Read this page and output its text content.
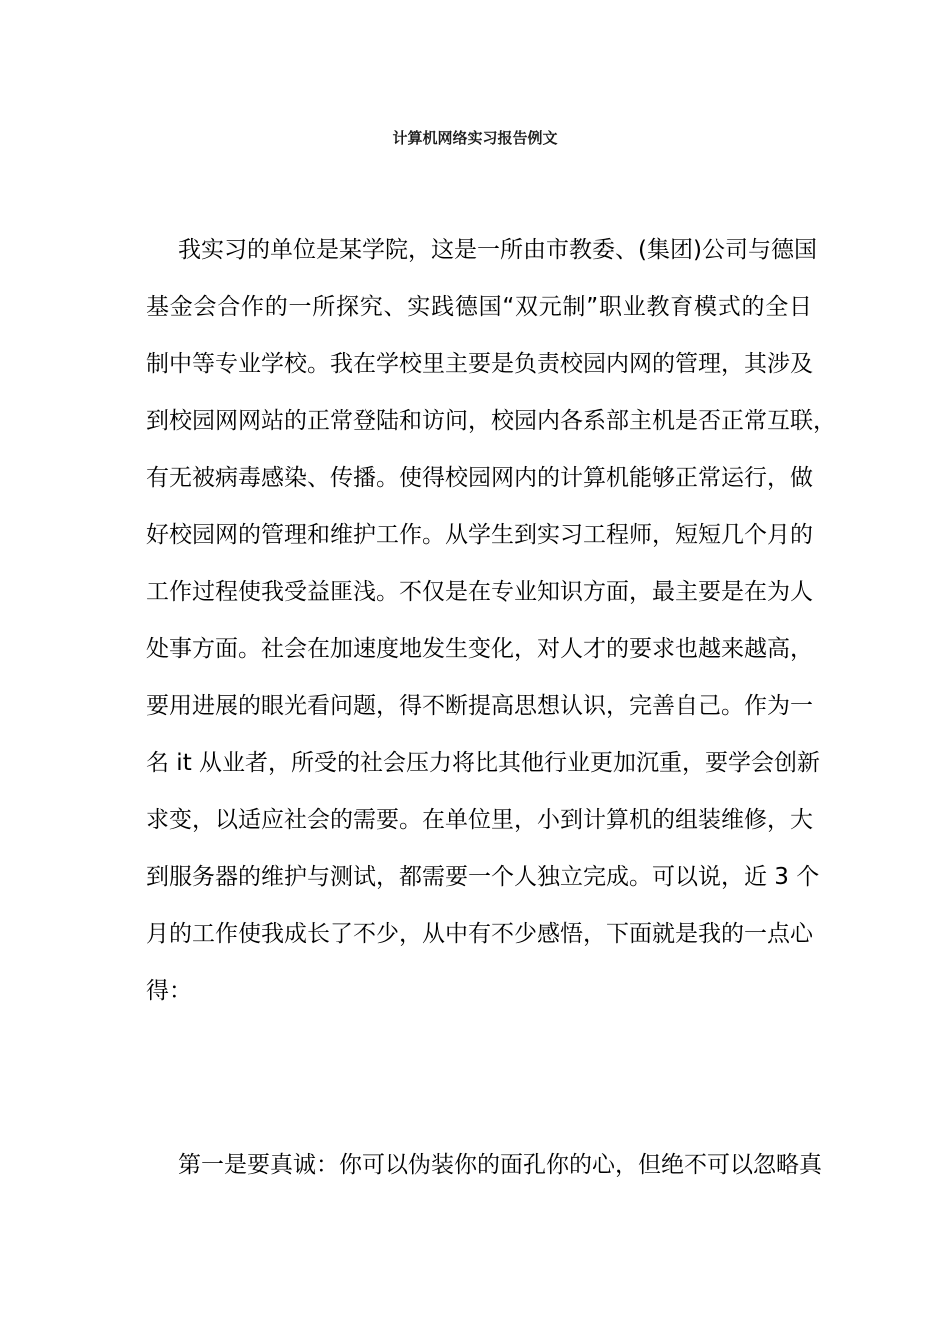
计算机网络实习报告例文
我实习的单位是某学院，这是一所由市教委、(集团)公司与德国
基金会合作的一所探究、实践德国“双元制”职业教育模式的全日
制中等专业学校。我在学校里主要是负责校园内网的管理，其涉及
到校园网网站的正常登陆和访问，校园内各系部主机是否正常互联，
有无被病毒感染、传播。使得校园网内的计算机能够正常运行，做
好校园网的管理和维护工作。从学生到实习工程师，短短几个月的
工作过程使我受益匪浅。不仅是在专业知识方面，最主要是在为人
处事方面。社会在加速度地发生变化，对人才的要求也越来越高，
要用进展的眼光看问题，得不断提高思想认识，完善自己。作为一
名 it 从业者，所受的社会压力将比其他行业更加沉重，要学会创新
求变，以适应社会的需要。在单位里，小到计算机的组装维修，大
到服务器的维护与测试，都需要一个人独立完成。可以说，近 3 个
月的工作使我成长了不少，从中有不少感悟，下面就是我的一点心
得：
第一是要真诚：你可以伪装你的面孔你的心，但绝不可以忽略真
